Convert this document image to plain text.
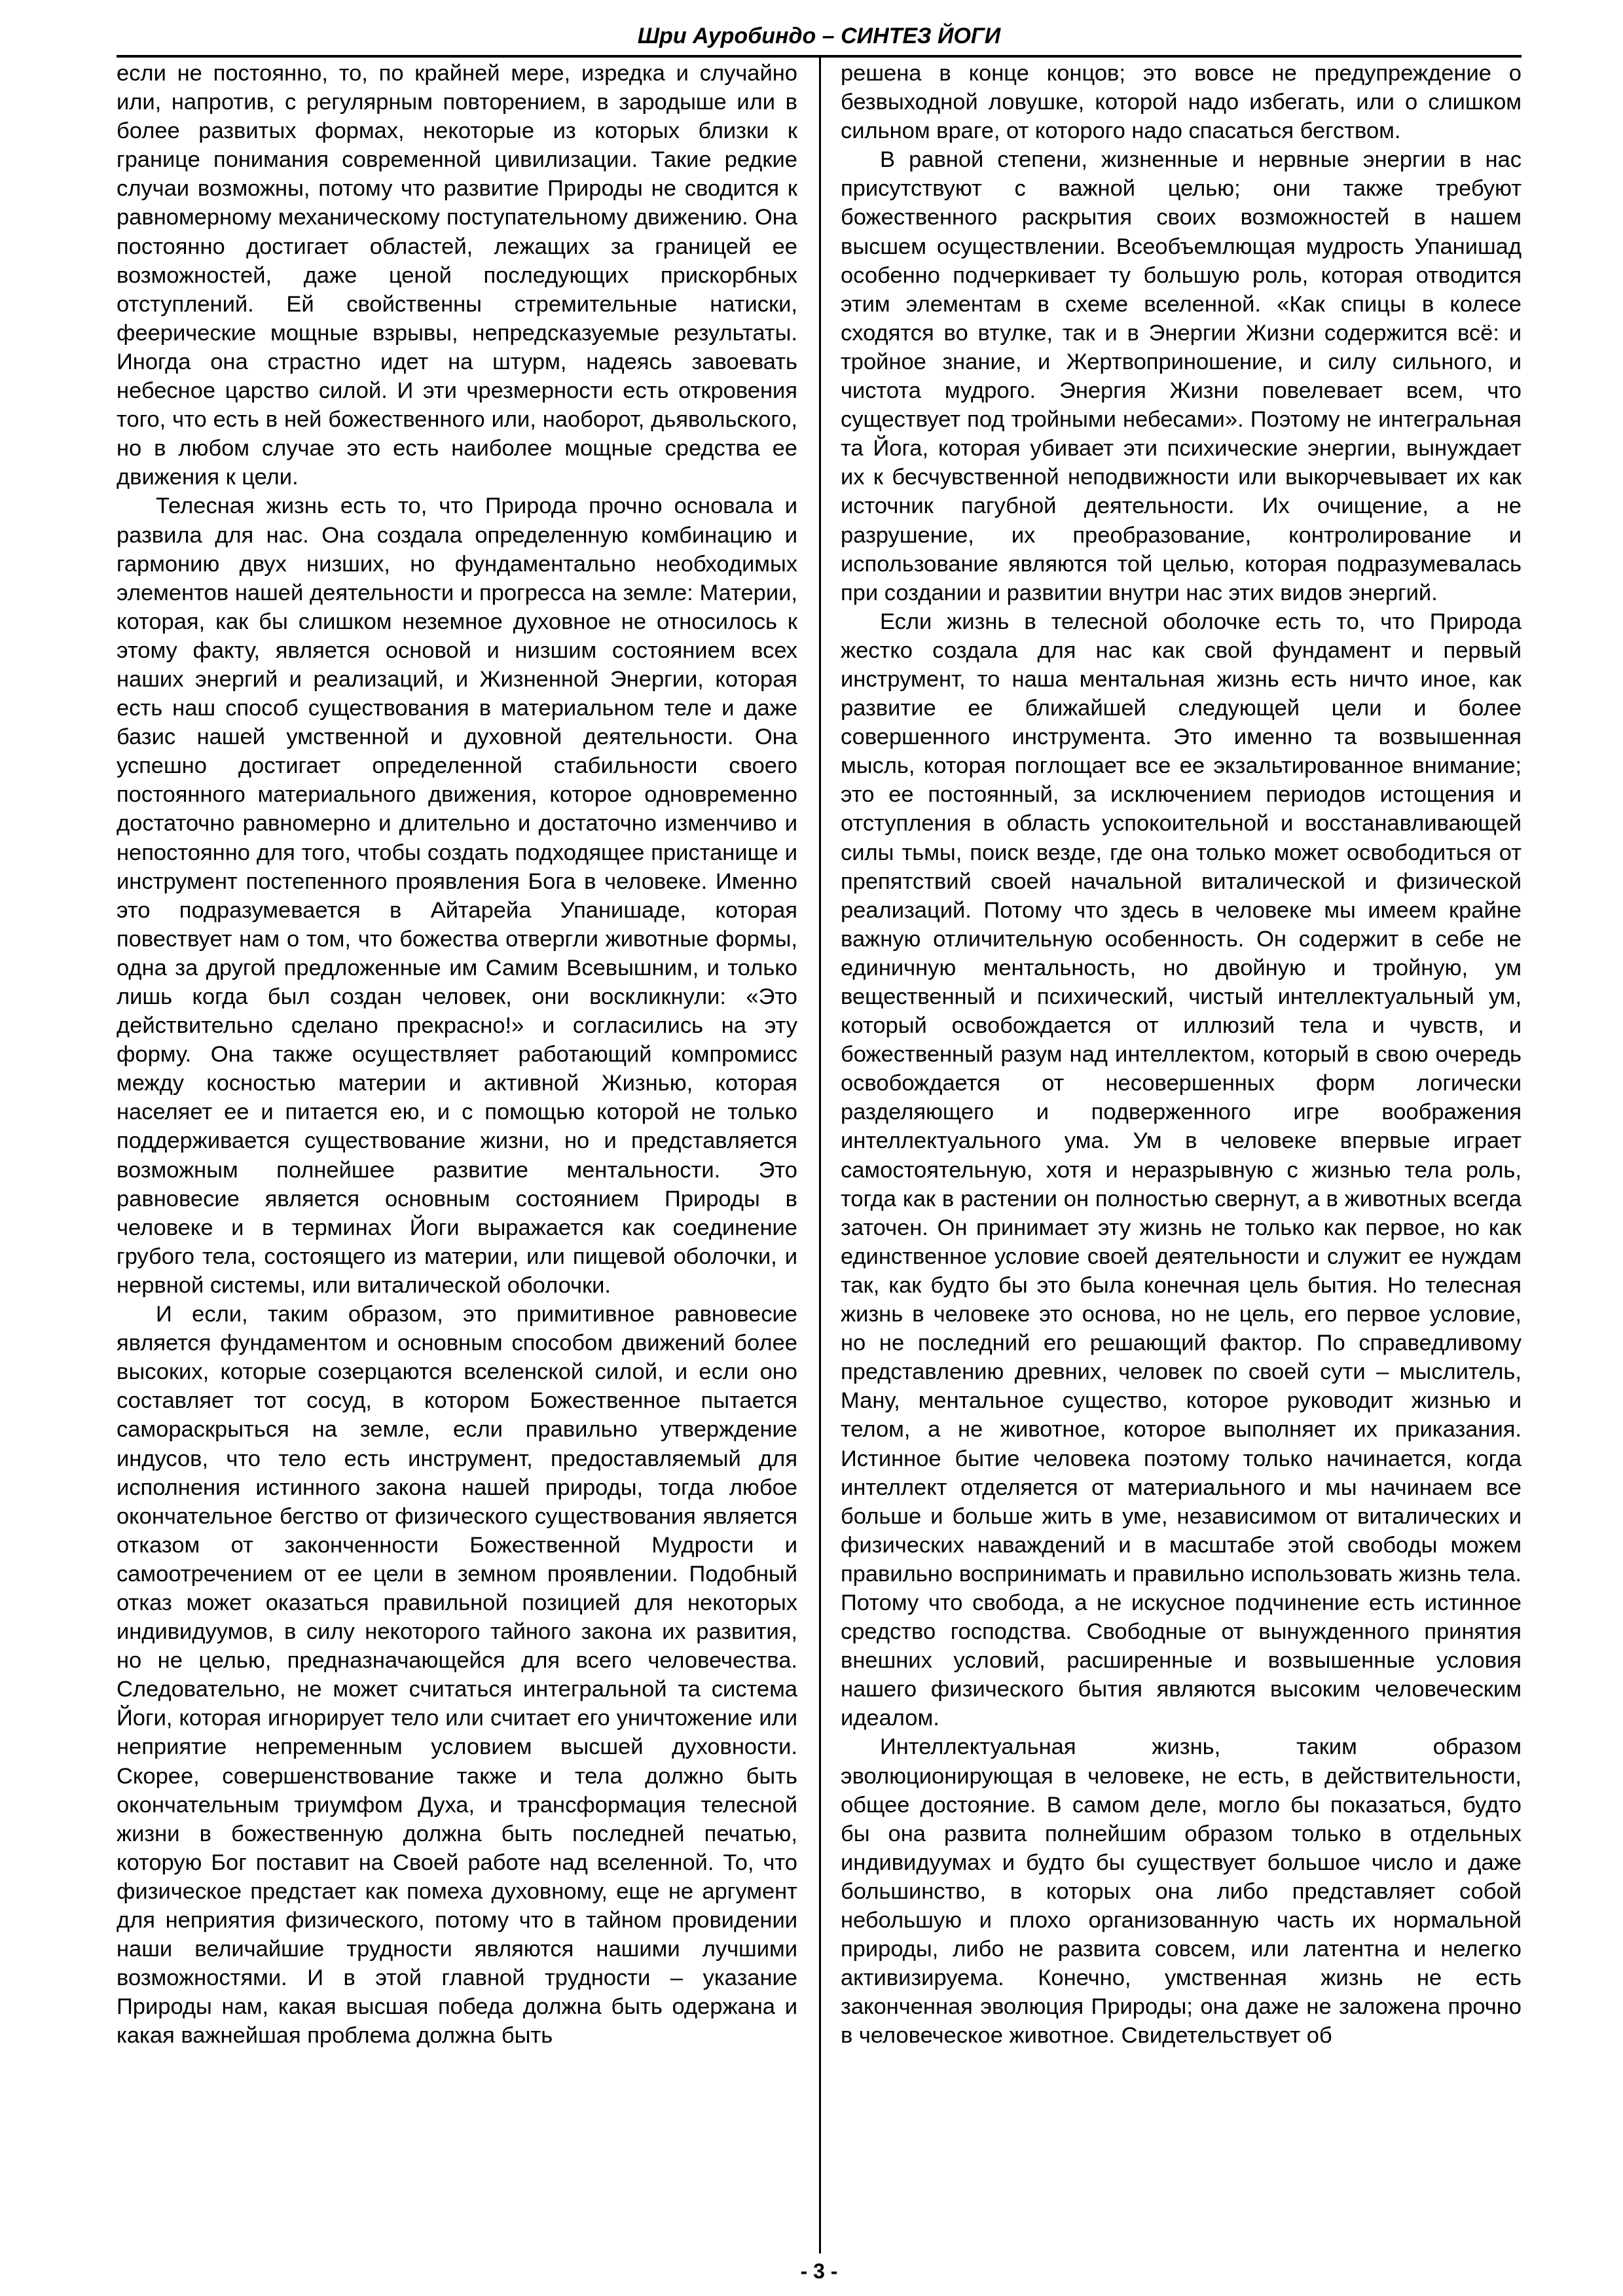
Шри Ауробиндо – СИНТЕЗ ЙОГИ

если не постоянно, то, по крайней мере, изредка и случайно или, напротив, с регулярным повторением, в зародыше или в более развитых формах, некоторые из которых близки к границе понимания современной цивилизации. Такие редкие случаи возможны, потому что развитие Природы не сводится к равномерному механическому поступательному движению. Она постоянно достигает областей, лежащих за границей ее возможностей, даже ценой последующих прискорбных отступлений. Ей свойственны стремительные натиски, феерические мощные взрывы, непредсказуемые результаты. Иногда она страстно идет на штурм, надеясь завоевать небесное царство силой. И эти чрезмерности есть откровения того, что есть в ней божественного или, наоборот, дьявольского, но в любом случае это есть наиболее мощные средства ее движения к цели.

Телесная жизнь есть то, что Природа прочно основала и развила для нас. Она создала определенную комбинацию и гармонию двух низших, но фундаментально необходимых элементов нашей деятельности и прогресса на земле: Материи, которая, как бы слишком неземное духовное не относилось к этому факту, является основой и низшим состоянием всех наших энергий и реализаций, и Жизненной Энергии, которая есть наш способ существования в материальном теле и даже базис нашей умственной и духовной деятельности. Она успешно достигает определенной стабильности своего постоянного материального движения, которое одновременно достаточно равномерно и длительно и достаточно изменчиво и непостоянно для того, чтобы создать подходящее пристанище и инструмент постепенного проявления Бога в человеке. Именно это подразумевается в Айтарейа Упанишаде, которая повествует нам о том, что божества отвергли животные формы, одна за другой предложенные им Самим Всевышним, и только лишь когда был создан человек, они воскликнули: «Это действительно сделано прекрасно!» и согласились на эту форму. Она также осуществляет работающий компромисс между косностью материи и активной Жизнью, которая населяет ее и питается ею, и с помощью которой не только поддерживается существование жизни, но и представляется возможным полнейшее развитие ментальности. Это равновесие является основным состоянием Природы в человеке и в терминах Йоги выражается как соединение грубого тела, состоящего из материи, или пищевой оболочки, и нервной системы, или виталической оболочки.

И если, таким образом, это примитивное равновесие является фундаментом и основным способом движений более высоких, которые созерцаются вселенской силой, и если оно составляет тот сосуд, в котором Божественное пытается самораскрыться на земле, если правильно утверждение индусов, что тело есть инструмент, предоставляемый для исполнения истинного закона нашей природы, тогда любое окончательное бегство от физического существования является отказом от законченности Божественной Мудрости и самоотречением от ее цели в земном проявлении. Подобный отказ может оказаться правильной позицией для некоторых индивидуумов, в силу некоторого тайного закона их развития, но не целью, предназначающейся для всего человечества. Следовательно, не может считаться интегральной та система Йоги, которая игнорирует тело или считает его уничтожение или неприятие непременным условием высшей духовности. Скорее, совершенствование также и тела должно быть окончательным триумфом Духа, и трансформация телесной жизни в божественную должна быть последней печатью, которую Бог поставит на Своей работе над вселенной. То, что физическое предстает как помеха духовному, еще не аргумент для неприятия физического, потому что в тайном провидении наши величайшие трудности являются нашими лучшими возможностями. И в этой главной трудности – указание Природы нам, какая высшая победа должна быть одержана и какая важнейшая проблема должна быть

решена в конце концов; это вовсе не предупреждение о безвыходной ловушке, которой надо избегать, или о слишком сильном враге, от которого надо спасаться бегством.

В равной степени, жизненные и нервные энергии в нас присутствуют с важной целью; они также требуют божественного раскрытия своих возможностей в нашем высшем осуществлении. Всеобъемлющая мудрость Упанишад особенно подчеркивает ту большую роль, которая отводится этим элементам в схеме вселенной. «Как спицы в колесе сходятся во втулке, так и в Энергии Жизни содержится всё: и тройное знание, и Жертвоприношение, и силу сильного, и чистота мудрого. Энергия Жизни повелевает всем, что существует под тройными небесами». Поэтому не интегральная та Йога, которая убивает эти психические энергии, вынуждает их к бесчувственной неподвижности или выкорчевывает их как источник пагубной деятельности. Их очищение, а не разрушение, их преобразование, контролирование и использование являются той целью, которая подразумевалась при создании и развитии внутри нас этих видов энергий.

Если жизнь в телесной оболочке есть то, что Природа жестко создала для нас как свой фундамент и первый инструмент, то наша ментальная жизнь есть ничто иное, как развитие ее ближайшей следующей цели и более совершенного инструмента. Это именно та возвышенная мысль, которая поглощает все ее экзальтированное внимание; это ее постоянный, за исключением периодов истощения и отступления в область успокоительной и восстанавливающей силы тьмы, поиск везде, где она только может освободиться от препятствий своей начальной виталической и физической реализаций. Потому что здесь в человеке мы имеем крайне важную отличительную особенность. Он содержит в себе не единичную ментальность, но двойную и тройную, ум вещественный и психический, чистый интеллектуальный ум, который освобождается от иллюзий тела и чувств, и божественный разум над интеллектом, который в свою очередь освобождается от несовершенных форм логически разделяющего и подверженного игре воображения интеллектуального ума. Ум в человеке впервые играет самостоятельную, хотя и неразрывную с жизнью тела роль, тогда как в растении он полностью свернут, а в животных всегда заточен. Он принимает эту жизнь не только как первое, но как единственное условие своей деятельности и служит ее нуждам так, как будто бы это была конечная цель бытия. Но телесная жизнь в человеке это основа, но не цель, его первое условие, но не последний его решающий фактор. По справедливому представлению древних, человек по своей сути – мыслитель, Ману, ментальное существо, которое руководит жизнью и телом, а не животное, которое выполняет их приказания. Истинное бытие человека поэтому только начинается, когда интеллект отделяется от материального и мы начинаем все больше и больше жить в уме, независимом от виталических и физических наваждений и в масштабе этой свободы можем правильно воспринимать и правильно использовать жизнь тела. Потому что свобода, а не искусное подчинение есть истинное средство господства. Свободные от вынужденного принятия внешних условий, расширенные и возвышенные условия нашего физического бытия являются высоким человеческим идеалом.

Интеллектуальная жизнь, таким образом эволюционирующая в человеке, не есть, в действительности, общее достояние. В самом деле, могло бы показаться, будто бы она развита полнейшим образом только в отдельных индивидуумах и будто бы существует большое число и даже большинство, в которых она либо представляет собой небольшую и плохо организованную часть их нормальной природы, либо не развита совсем, или латентна и нелегко активизируема. Конечно, умственная жизнь не есть законченная эволюция Природы; она даже не заложена прочно в человеческое животное. Свидетельствует об

- 3 -
